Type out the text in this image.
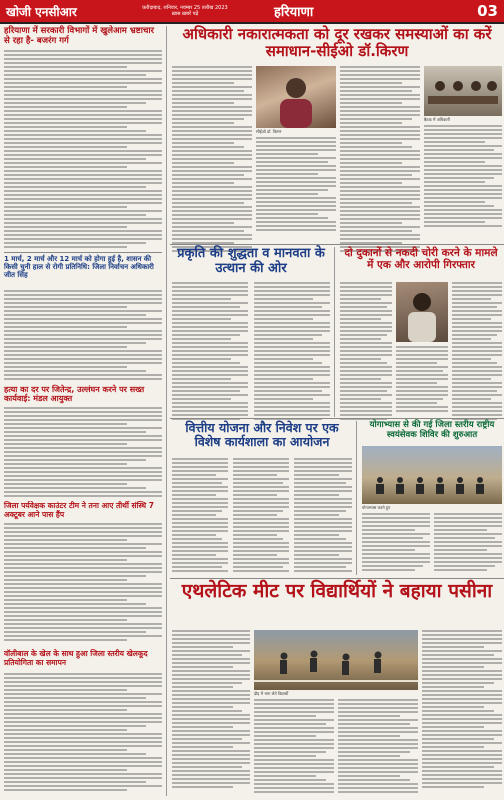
खोजी एनसीआर	फ़रीदाबाद, शनिवार, नवम्बर 25 तारीख 2023
ख़ास ख़बरें पढ़ें	हरियाणा	03
हरियाणा में सरकारी विभागों में खुलेआम भ्रष्टाचार से रहा है- बजरंग गर्ग
1 मार्च, 2 मार्च और 12 मार्च को होगा हुई है, शासन की किसी चुनी हाल से रोगी प्रतिनिधि: जिला निर्वाचन अधिकारी जीत सिंह
हत्या का दर पर जितेन्द्र, उल्लंघन करने पर सख्त कार्यवाई: मंडल आयुक्त
जिला पर्यवेक्षक काउंटर टीम ने तना आए तीर्थी संस्थि 7 अक्टूबर आने पास हैंप
वॉलीबाल के खेल के साथ हुआ जिला स्तरीय खेलकूद प्रतियोगिता का समापन
अधिकारी नकारात्मकता को दूर रखकर समस्याओं का करें समाधान-सीईओ डॉ.किरण
सीईओ डॉ. किरण
बैठक में अधिकारी
प्रकृति की शुद्धता व मानवता के उत्थान की ओर
दो दुकानों से नकदी चोरी करने के मामले में एक और आरोपी गिरफ्तार
वित्तीय योजना और निवेश पर एक विशेष कार्यशाला का आयोजन
योगाभ्यास से की गई जिला स्तरीय राष्ट्रीय स्वयंसेवक शिविर की शुरुआत
योगाभ्यास करते हुए
एथलेटिक मीट पर विद्यार्थियों ने बहाया पसीना
दौड़ में भाग लेते विद्यार्थी
